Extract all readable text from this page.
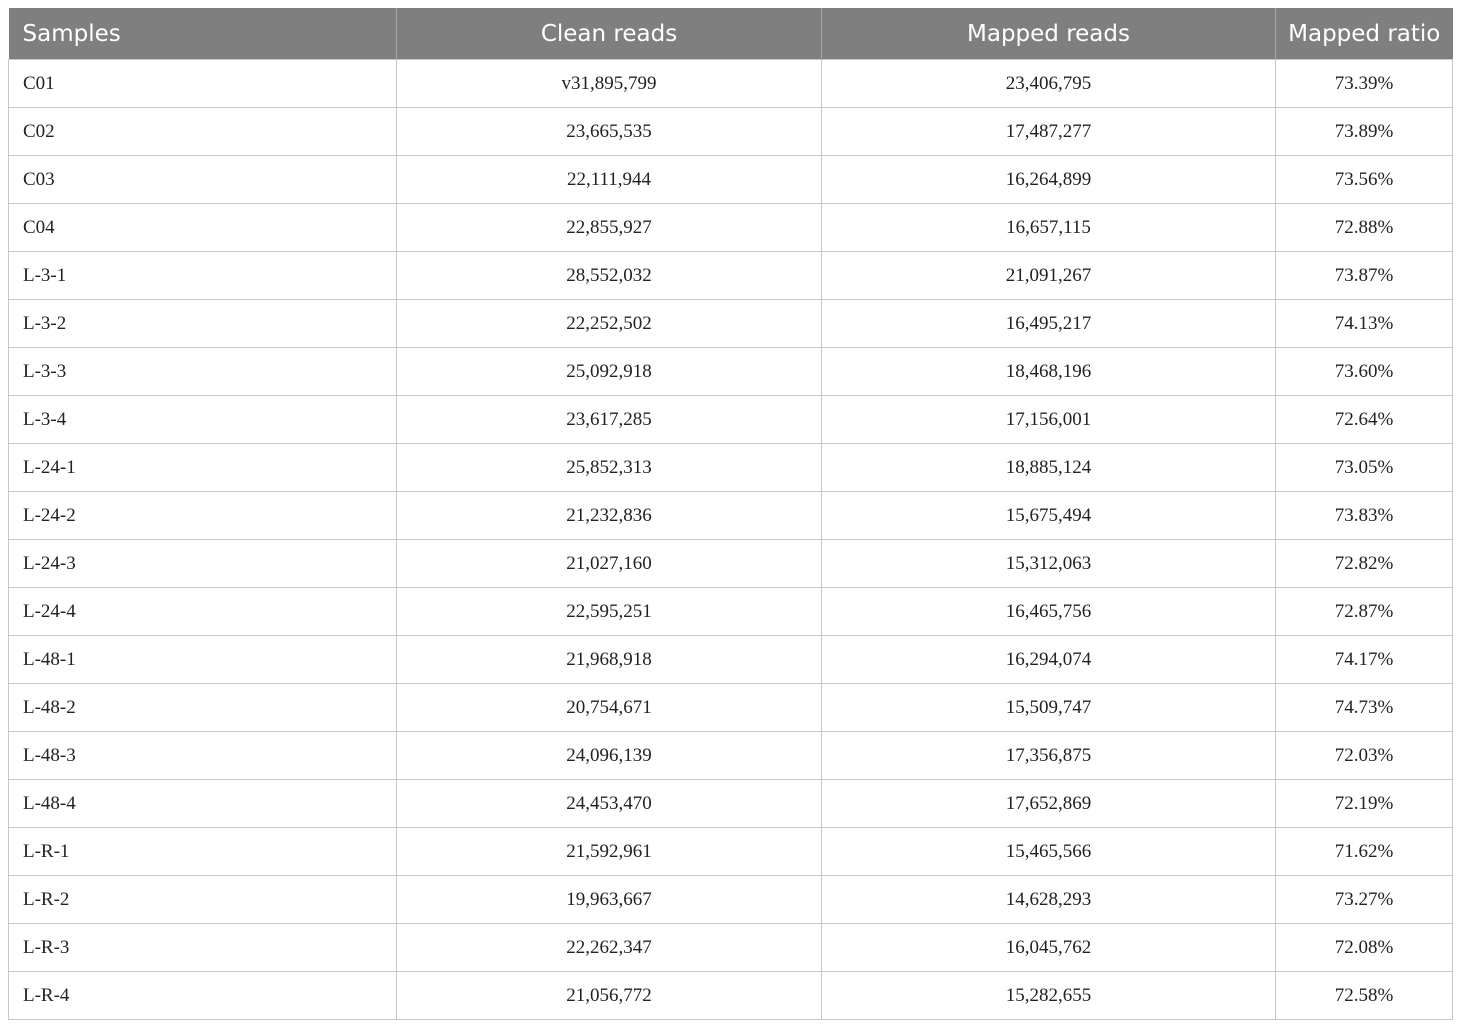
Samples	Clean reads	Mapped reads	Mapped ratio
C01	v31,895,799	23,406,795	73.39%
C02	23,665,535	17,487,277	73.89%
C03	22,111,944	16,264,899	73.56%
C04	22,855,927	16,657,115	72.88%
L-3-1	28,552,032	21,091,267	73.87%
L-3-2	22,252,502	16,495,217	74.13%
L-3-3	25,092,918	18,468,196	73.60%
L-3-4	23,617,285	17,156,001	72.64%
L-24-1	25,852,313	18,885,124	73.05%
L-24-2	21,232,836	15,675,494	73.83%
L-24-3	21,027,160	15,312,063	72.82%
L-24-4	22,595,251	16,465,756	72.87%
L-48-1	21,968,918	16,294,074	74.17%
L-48-2	20,754,671	15,509,747	74.73%
L-48-3	24,096,139	17,356,875	72.03%
L-48-4	24,453,470	17,652,869	72.19%
L-R-1	21,592,961	15,465,566	71.62%
L-R-2	19,963,667	14,628,293	73.27%
L-R-3	22,262,347	16,045,762	72.08%
L-R-4	21,056,772	15,282,655	72.58%
